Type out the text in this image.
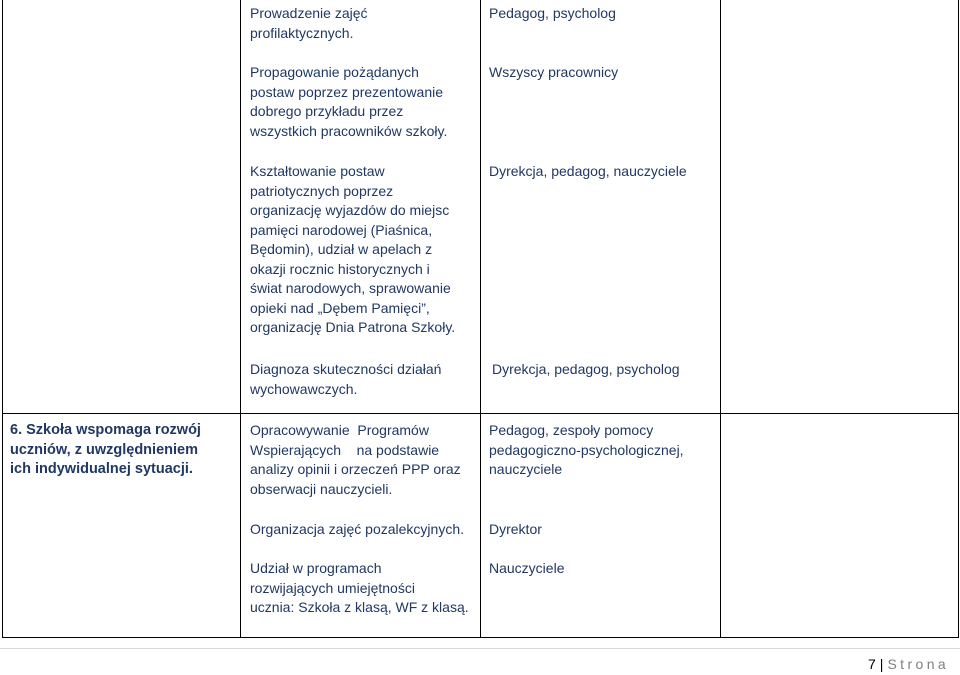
Prowadzenie zajęć

profilaktycznych.

Propagowanie pożądanych

postaw poprzez prezentowanie

dobrego przykładu przez

wszystkich pracowników szkoły.

Kształtowanie postaw

patriotycznych poprzez

organizację wyjazdów do miejsc

pamięci narodowej (Piaśnica,

Będomin), udział w apelach z

okazji rocznic historycznych i

świat narodowych, sprawowanie

opieki nad „Dębem Pamięci”,

organizację Dnia Patrona Szkoły.

Diagnoza skuteczności działań

wychowawczych.

Pedagog, psycholog

Wszyscy pracownicy

Dyrekcja, pedagog, nauczyciele

Dyrekcja, pedagog, psycholog

6. Szkoła wspomaga rozwój

uczniów, z uwzględnieniem

ich indywidualnej sytuacji.

Opracowywanie  Programów

Wspierających    na podstawie

analizy opinii i orzeczeń PPP oraz

obserwacji nauczycieli.

Organizacja zajęć pozalekcyjnych.

Udział w programach

rozwijających umiejętności

ucznia: Szkoła z klasą, WF z klasą.

Pedagog, zespoły pomocy

pedagogiczno-psychologicznej,

nauczyciele

Dyrektor

Nauczyciele

7 | Strona
